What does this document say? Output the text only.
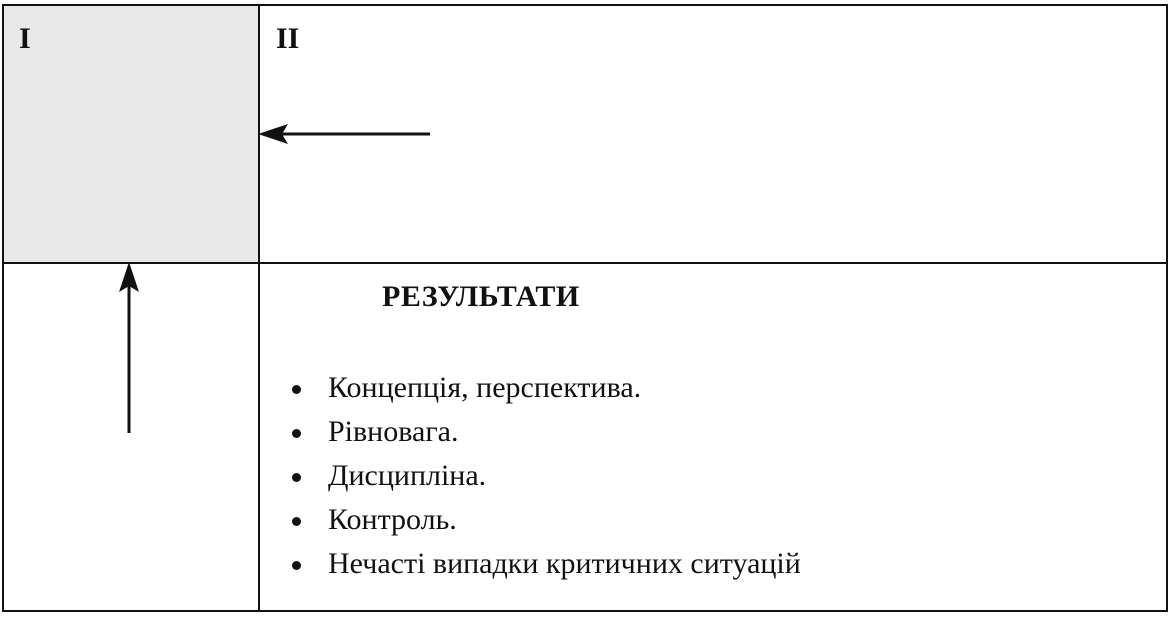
I	II
РЕЗУЛЬТАТИ
Концепція, перспектива.
Рівновага.
Дисципліна.
Контроль.
Нечасті випадки критичних ситуацій
